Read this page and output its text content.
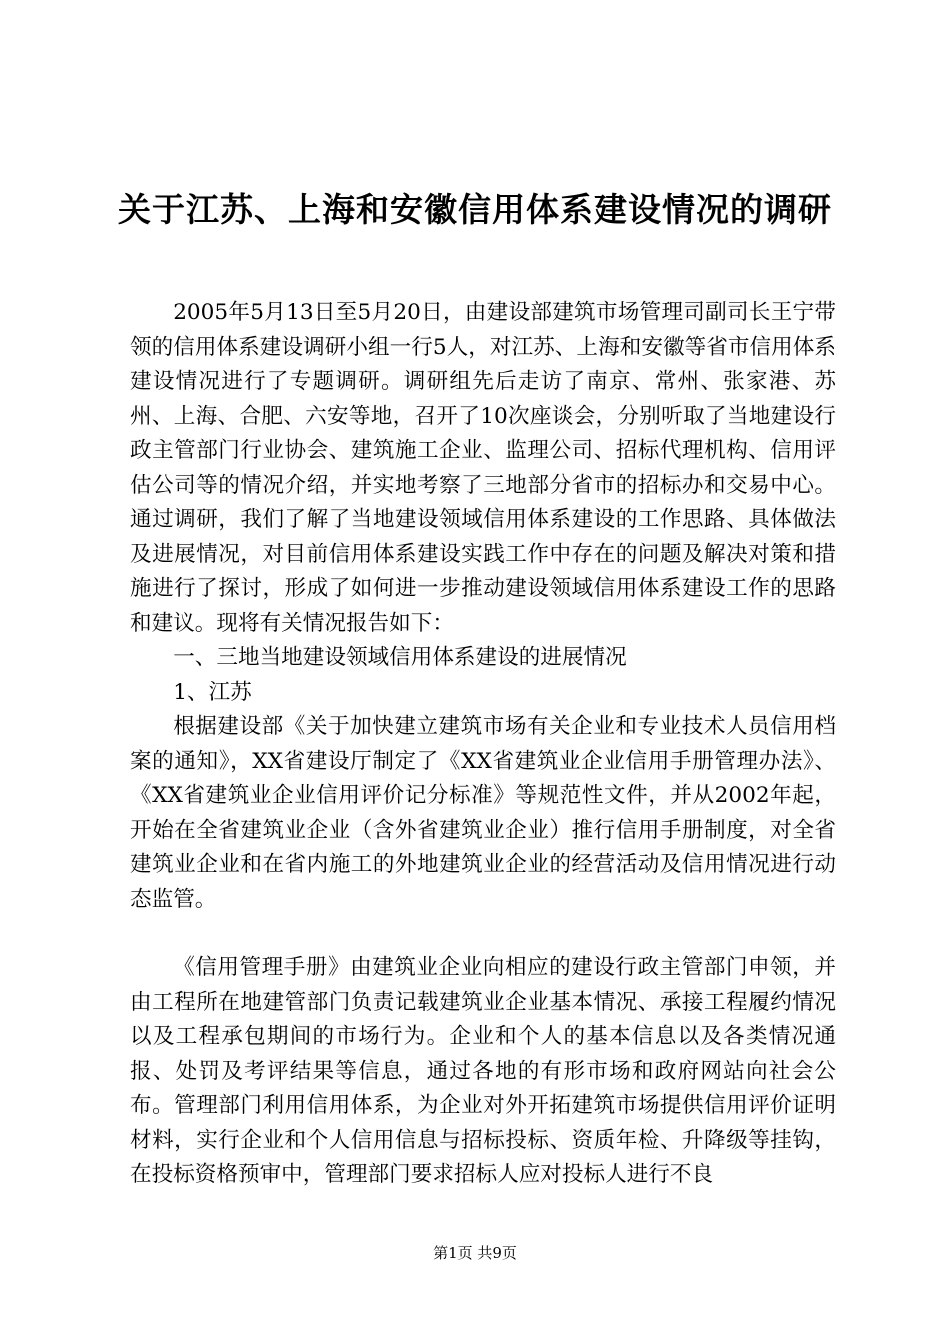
关于江苏、上海和安徽信用体系建设情况的调研

2005年5月13日至5月20日，由建设部建筑市场管理司副司长王宁带领的信用体系建设调研小组一行5人，对江苏、上海和安徽等省市信用体系建设情况进行了专题调研。调研组先后走访了南京、常州、张家港、苏州、上海、合肥、六安等地，召开了10次座谈会，分别听取了当地建设行政主管部门行业协会、建筑施工企业、监理公司、招标代理机构、信用评估公司等的情况介绍，并实地考察了三地部分省市的招标办和交易中心。通过调研，我们了解了当地建设领域信用体系建设的工作思路、具体做法及进展情况，对目前信用体系建设实践工作中存在的问题及解决对策和措施进行了探讨，形成了如何进一步推动建设领域信用体系建设工作的思路和建议。现将有关情况报告如下：

一、三地当地建设领域信用体系建设的进展情况

1、江苏

根据建设部《关于加快建立建筑市场有关企业和专业技术人员信用档案的通知》，XX省建设厅制定了《XX省建筑业企业信用手册管理办法》、《XX省建筑业企业信用评价记分标准》等规范性文件，并从2002年起，开始在全省建筑业企业（含外省建筑业企业）推行信用手册制度，对全省建筑业企业和在省内施工的外地建筑业企业的经营活动及信用情况进行动态监管。

《信用管理手册》由建筑业企业向相应的建设行政主管部门申领，并由工程所在地建管部门负责记载建筑业企业基本情况、承接工程履约情况以及工程承包期间的市场行为。企业和个人的基本信息以及各类情况通报、处罚及考评结果等信息，通过各地的有形市场和政府网站向社会公布。管理部门利用信用体系，为企业对外开拓建筑市场提供信用评价证明材料，实行企业和个人信用信息与招标投标、资质年检、升降级等挂钩，在投标资格预审中，管理部门要求招标人应对投标人进行不良

第1页 共9页
